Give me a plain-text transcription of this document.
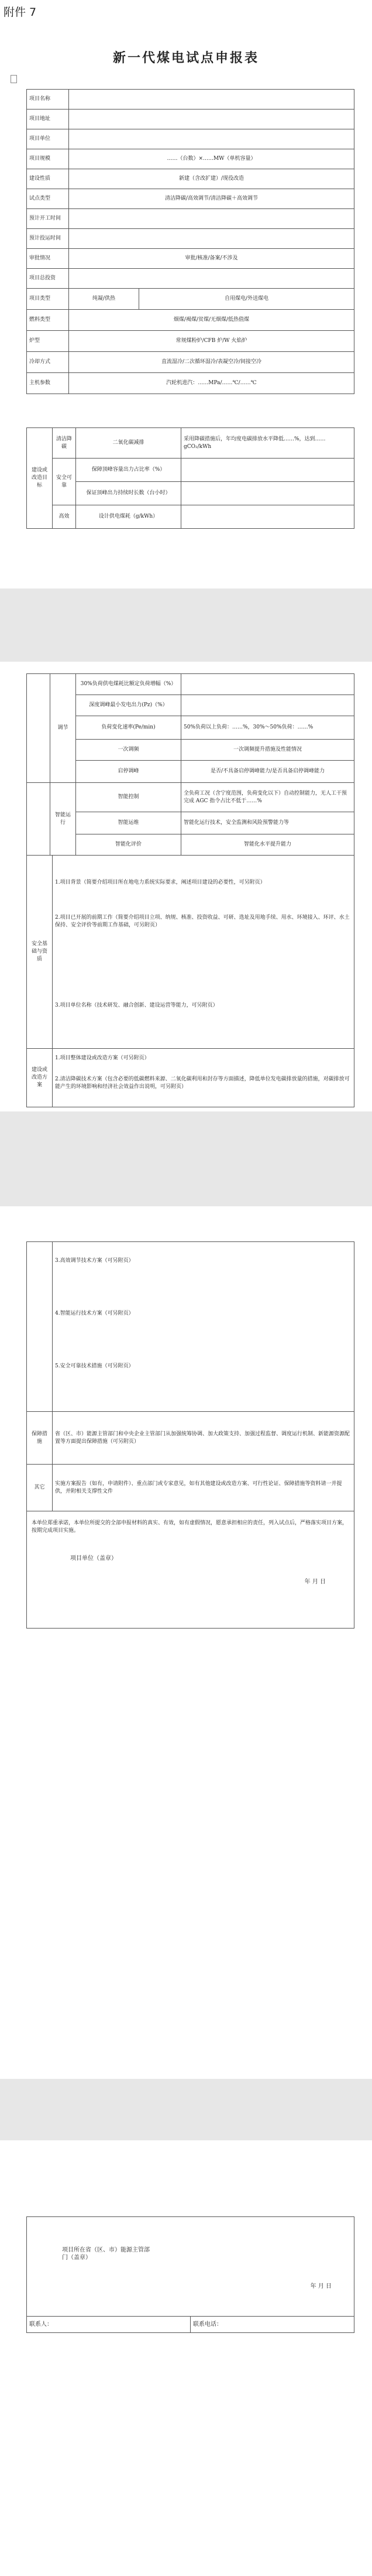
附件 7
新一代煤电试点申报表
项目名称		
项目地址		
项目单位		
项目规模	……（台数）×……MW（单机容量）	
建设性质	新建（含改扩建）/现役改造	
试点类型	清洁降碳/高效调节/清洁降碳＋高效调节	
预计开工时间		
预计投运时间		
审批情况	审批/核准/备案/不涉及	
项目总投资		
项目类型	纯凝/供热	自用煤电/外送煤电
燃料类型	烟煤/褐煤/贫煤/无烟煤/低热值煤	
炉型	常规煤粉炉/CFB 炉/W 火焰炉	
冷却方式	直流湿冷/二次循环湿冷/表凝空冷/间接空冷	
主机参数	汽轮机进汽：……MPa/……℃/……℃	
建设或改造目标	清洁降碳	二氧化碳减排	采用降碳措施后，年均度电碳排放水平降低……%，达到……gCO₂/kWh
	安全可靠	保障顶峰容量出力占比率（%）	
		保证顶峰出力持续时长数（台小时）	
	高效	设计供电煤耗（g/kWh）	
	调节	30%负荷供电煤耗比额定负荷增幅（%）	
		深度调峰最小发电出力(Pz)（%）	
		负荷变化速率(Pe/min)	50%负荷以上负荷：……%，30%～50%负荷：……%
		一次调频	一次调频提升措施及性能情况
		启停调峰	是否/不具备启停调峰能力/是否具备启停调峰能力
	智能运行	智能控制	全负荷工况（含宁度范围，负荷变化以下）自动控制能力，无人工干预完成 AGC 指令占比不低于……%
		智能运维	智能化运行技术，安全监测和风险预警能力等
		智能化评价	智能化水平提升能力
安全基础与资质	1.项目背景（简要介绍项目所在地电力系统实际要求，阐述项目建设的必要性，可另附页）
2.项目已开展的前期工作（简要介绍项目立项、纳规、核准、投资收益、可研、选址及用地手续、用水、环境接入、环评、水土保持、安全评价等前期工作基础，可另附页）
3.项目单位名称（技术研发、融合创新、建设运营等能力，可另附页）

建设或改造方案	1.项目整体建设或改造方案（可另附页）
2.清洁降碳技术方案（包含必要的低碳燃料来源、二氧化碳利用和封存等方面描述，降低单位发电碳排放量的措施，对碳排放可能产生的环境影响和经济社会效益作出说明，可另附页）

	3.高效调节技术方案（可另附页）
4.智能运行技术方案（可另附页）
5.安全可靠技术措施（可另附页）

保障措施	省（区、市）能源主管部门和中央企业主管部门从加强统筹协调、加大政策支持、加强过程监督、调度运行机制、新能源资源配置等方面提出保障措施（可另附页）
其它	实施方案报告（如有，申请附件）、重点部门或专家意见，如有其他建设或改造方案、可行性论证、保障措施等资料请一并提供，并附相关支撑性文件

本单位郑重承诺，本单位所提交的全部申报材料的真实、有效，如有虚假情况，愿意承担相应的责任，列入试点后，严格落实项目方案，按期完成项目实施。
项目单位（盖章）
年 月 日	
项目所在省（区、市）能源主管部门（盖章）
年 月 日

联系人：	联系电话：
